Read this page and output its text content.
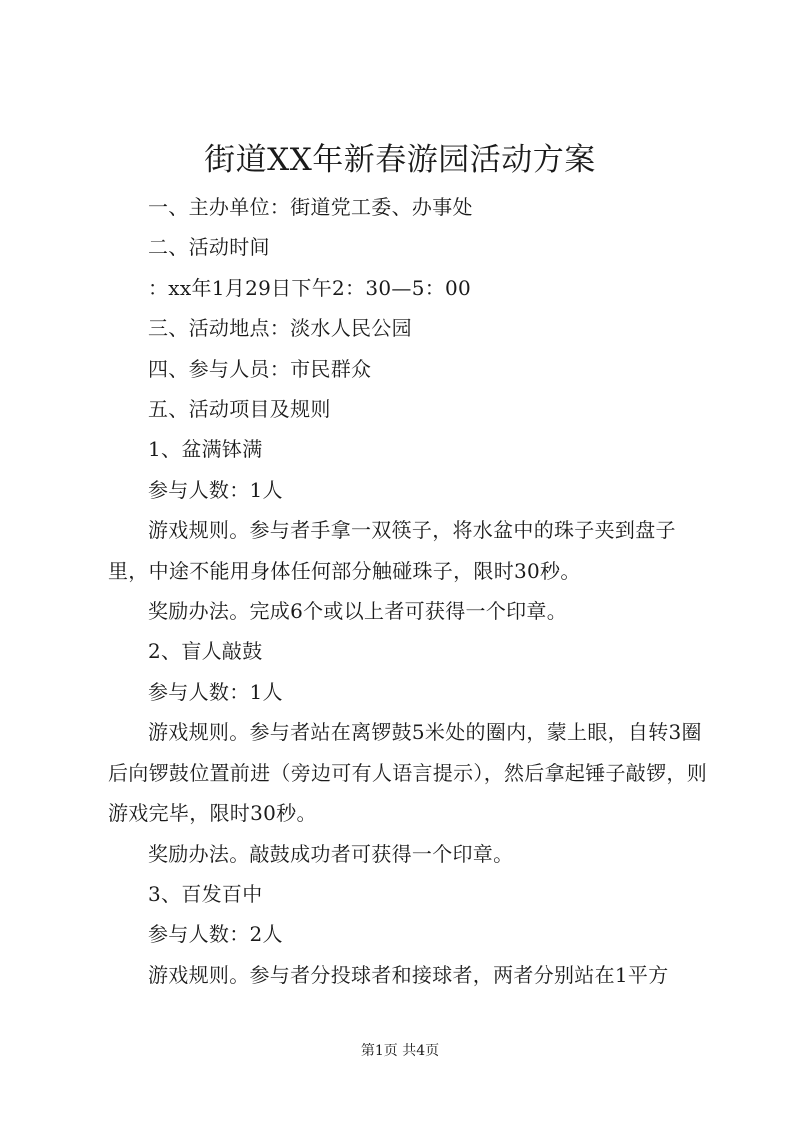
街道XX年新春游园活动方案

一、主办单位：街道党工委、办事处

二、活动时间

：xx年1月29日下午2：30—5：00

三、活动地点：淡水人民公园

四、参与人员：市民群众

五、活动项目及规则

1、盆满钵满

参与人数：1人

游戏规则。参与者手拿一双筷子，将水盆中的珠子夹到盘子里，中途不能用身体任何部分触碰珠子，限时30秒。

奖励办法。完成6个或以上者可获得一个印章。

2、盲人敲鼓

参与人数：1人

游戏规则。参与者站在离锣鼓5米处的圈内，蒙上眼，自转3圈后向锣鼓位置前进（旁边可有人语言提示），然后拿起锤子敲锣，则游戏完毕，限时30秒。

奖励办法。敲鼓成功者可获得一个印章。

3、百发百中

参与人数：2人

游戏规则。参与者分投球者和接球者，两者分别站在1平方

第1页 共4页
